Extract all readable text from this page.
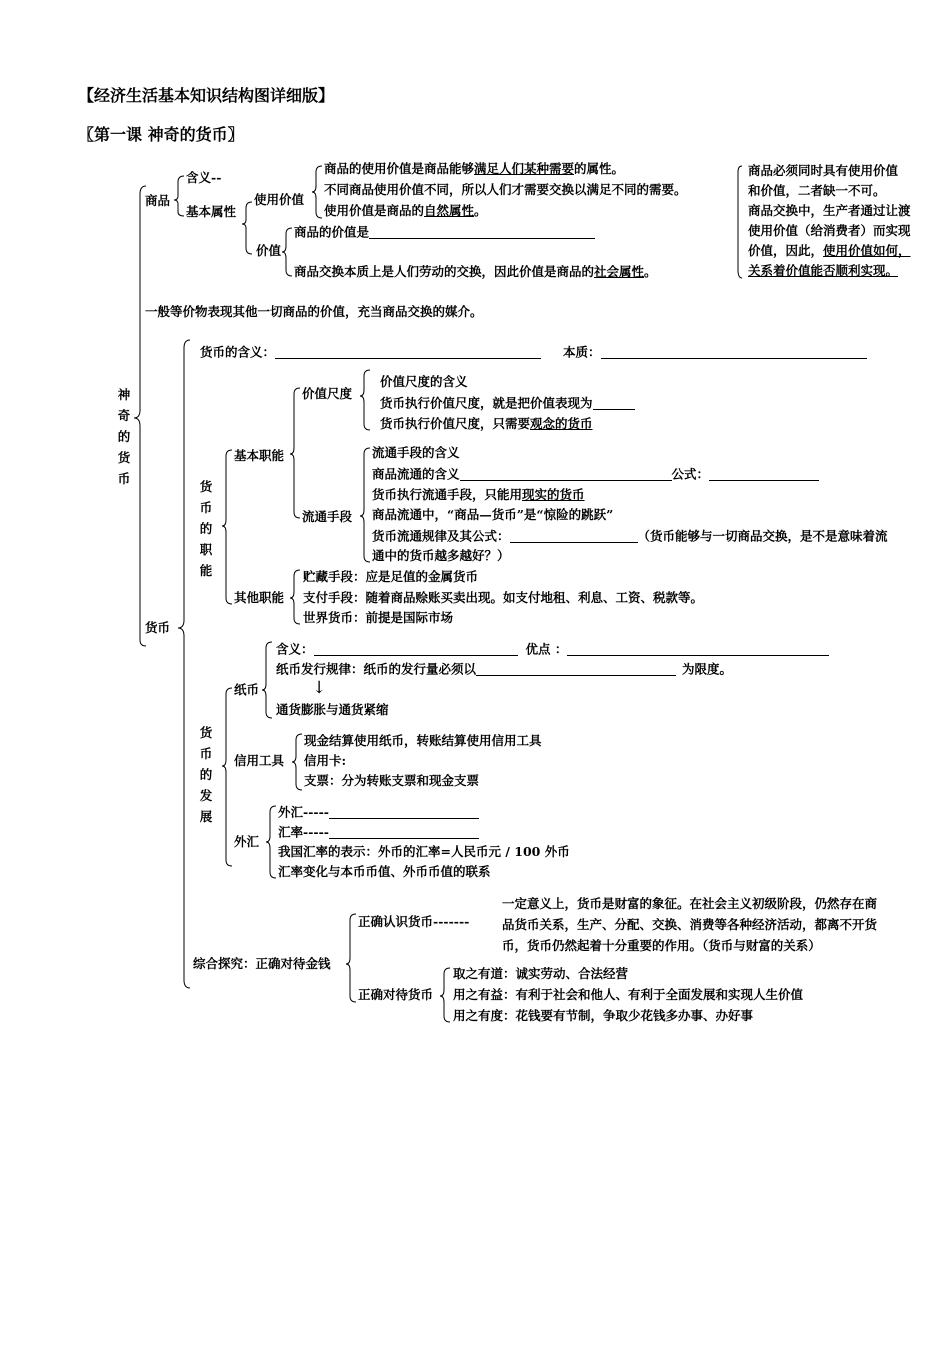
【经济生活基本知识结构图详细版】
〖第一课 神奇的货币〗
神
奇
的
货
币
商品
含义--
基本属性
使用价值
商品的使用价值是商品能够满足人们某种需要的属性。
不同商品使用价值不同，所以人们才需要交换以满足不同的需要。
使用价值是商品的自然属性。
价值
商品的价值是
商品交换本质上是人们劳动的交换，因此价值是商品的社会属性。
商品必须同时具有使用价值
和价值，二者缺一不可。
商品交换中，生产者通过让渡
使用价值（给消费者）而实现
价值，因此，使用价值如何，
关系着价值能否顺利实现。
一般等价物表现其他一切商品的价值，充当商品交换的媒介。
货币
货币的含义：	本质：
货
币
的
职
能
基本职能
价值尺度
价值尺度的含义
货币执行价值尺度，就是把价值表现为
货币执行价值尺度，只需要观念的货币
流通手段
流通手段的含义
商品流通的含义	公式：
货币执行流通手段，只能用现实的货币
商品流通中，“商品—货币”是“惊险的跳跃”
货币流通规律及其公式：	（货币能够与一切商品交换，是不是意味着流
通中的货币越多越好？）
其他职能
贮藏手段：应是足值的金属货币
支付手段：随着商品赊账买卖出现。如支付地租、利息、工资、税款等。
世界货币：前提是国际市场
货
币
的
发
展
纸币
含义：	优点 ：
纸币发行规律：纸币的发行量必须以	为限度。
↓
通货膨胀与通货紧缩
信用工具
现金结算使用纸币，转账结算使用信用工具
信用卡:
支票：分为转账支票和现金支票
外汇
外汇-----
汇率-----
我国汇率的表示：外币的汇率=人民币元 / 100 外币
汇率变化与本币币值、外币币值的联系
综合探究：正确对待金钱
正确认识货币-------
一定意义上，货币是财富的象征。在社会主义初级阶段，仍然存在商
品货币关系，生产、分配、交换、消费等各种经济活动，都离不开货
币，货币仍然起着十分重要的作用。（货币与财富的关系）
正确对待货币
取之有道：诚实劳动、合法经营
用之有益：有利于社会和他人、有利于全面发展和实现人生价值
用之有度：花钱要有节制，争取少花钱多办事、办好事
